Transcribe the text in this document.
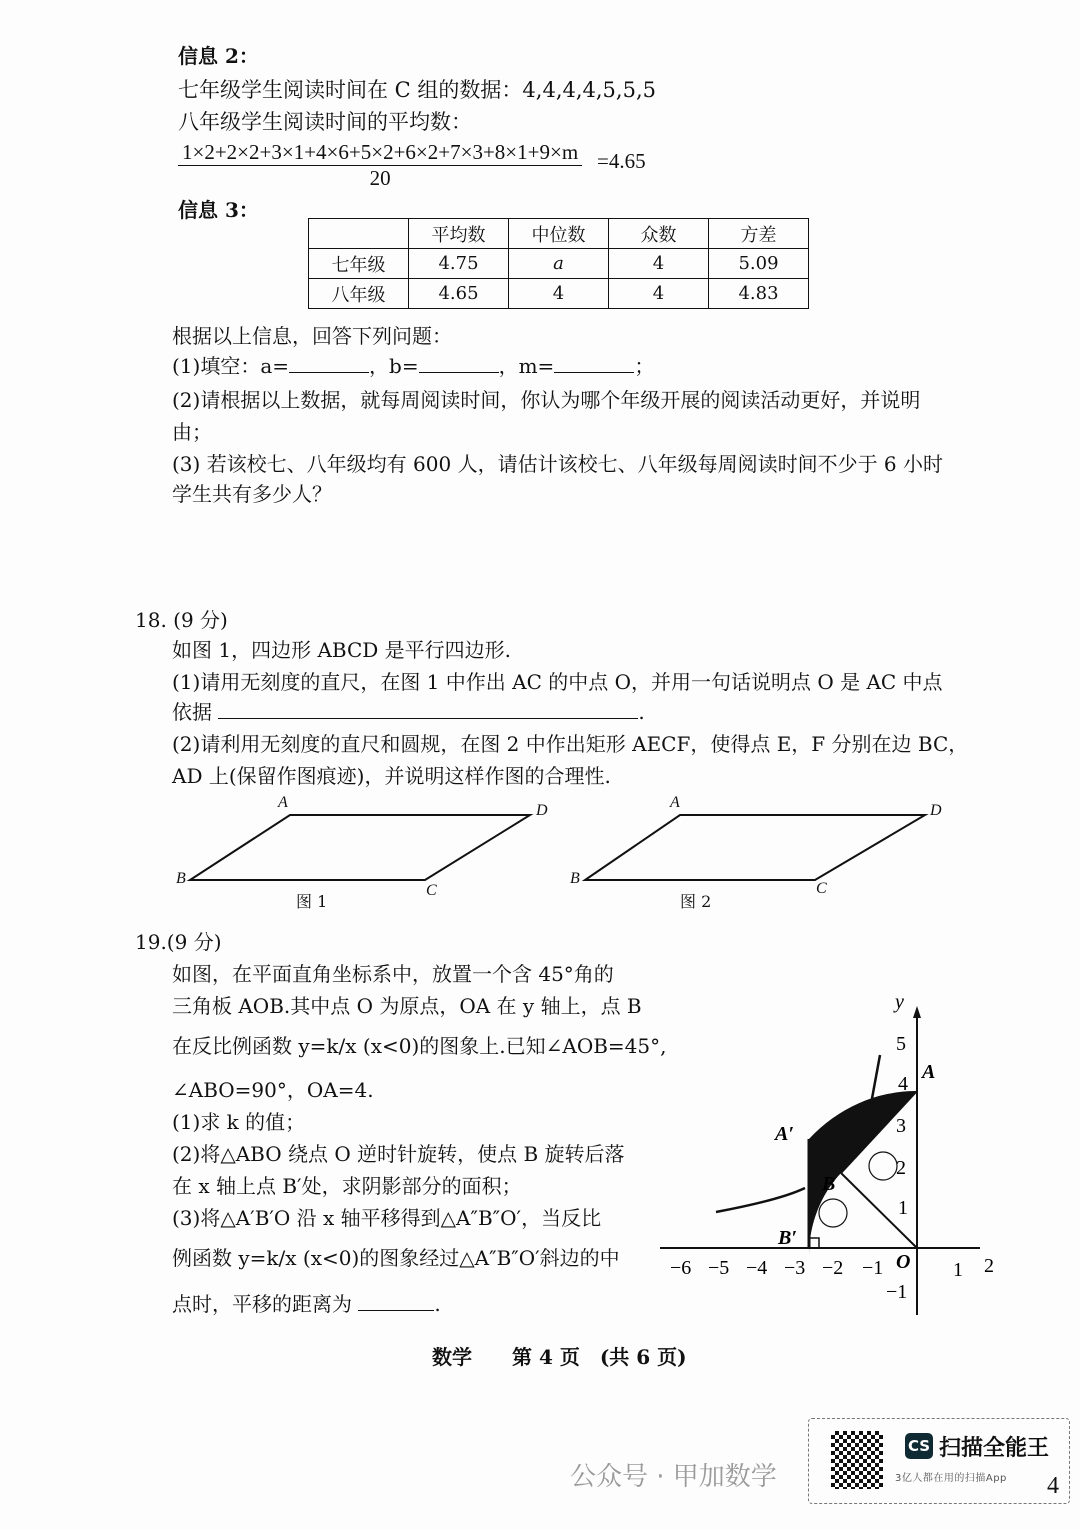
信息 2：
七年级学生阅读时间在 C 组的数据：4,4,4,4,5,5,5
八年级学生阅读时间的平均数：
$\frac{1\times 2+2\times 2+3\times 1+4\times 6+5\times 2+6\times 2+7\times 3+8\times 1+9\times m}{20} =4.65$
信息 3：
	平均数	中位数	众数	方差
七年级	4.75	a	4	5.09
八年级	4.65	4	4	4.83
根据以上信息，回答下列问题：
(1)填空：a=	，b=	，m=	；
(2)请根据以上数据，就每周阅读时间，你认为哪个年级开展的阅读活动更好，并说明
由；
(3) 若该校七、八年级均有 600 人，请估计该校七、八年级每周阅读时间不少于 6 小时
学生共有多少人？
18. (9 分)
如图 1，四边形 ABCD 是平行四边形.
(1)请用无刻度的直尺，在图 1 中作出 AC 的中点 O，并用一句话说明点 O 是 AC 中点
依据	.
(2)请利用无刻度的直尺和圆规，在图 2 中作出矩形 AECF，使得点 E，F 分别在边 BC，
AD 上(保留作图痕迹)，并说明这样作图的合理性.
A	D
B
C
图 1
A	D
B
C
图 2
19.(9 分)
如图，在平面直角坐标系中，放置一个含 45°角的
三角板 AOB.其中点 O 为原点，OA 在 y 轴上，点 B
在反比例函数 y=k/x (x<0)的图象上.已知∠AOB=45°,
∠ABO=90°，OA=4.
(1)求 k 的值；
(2)将△ABO 绕点 O 逆时针旋转，使点 B 旋转后落
在 x 轴上点 B′处，求阴影部分的面积；
(3)将△A′B′O 沿 x 轴平移得到△A″B″O′，当反比
例函数 y=k/x (x<0)的图象经过△A″B″O′斜边的中
点时，平移的距离为	.
y
−6 −5 −4 −3 −2 −1	1 2
5
4
3
2
1
−1
A
A′
B
B′
O
数学　　第 4 页　(共 6 页)
公众号 · 甲加数学
CS 扫描全能王
3亿人都在用的扫描App 4
